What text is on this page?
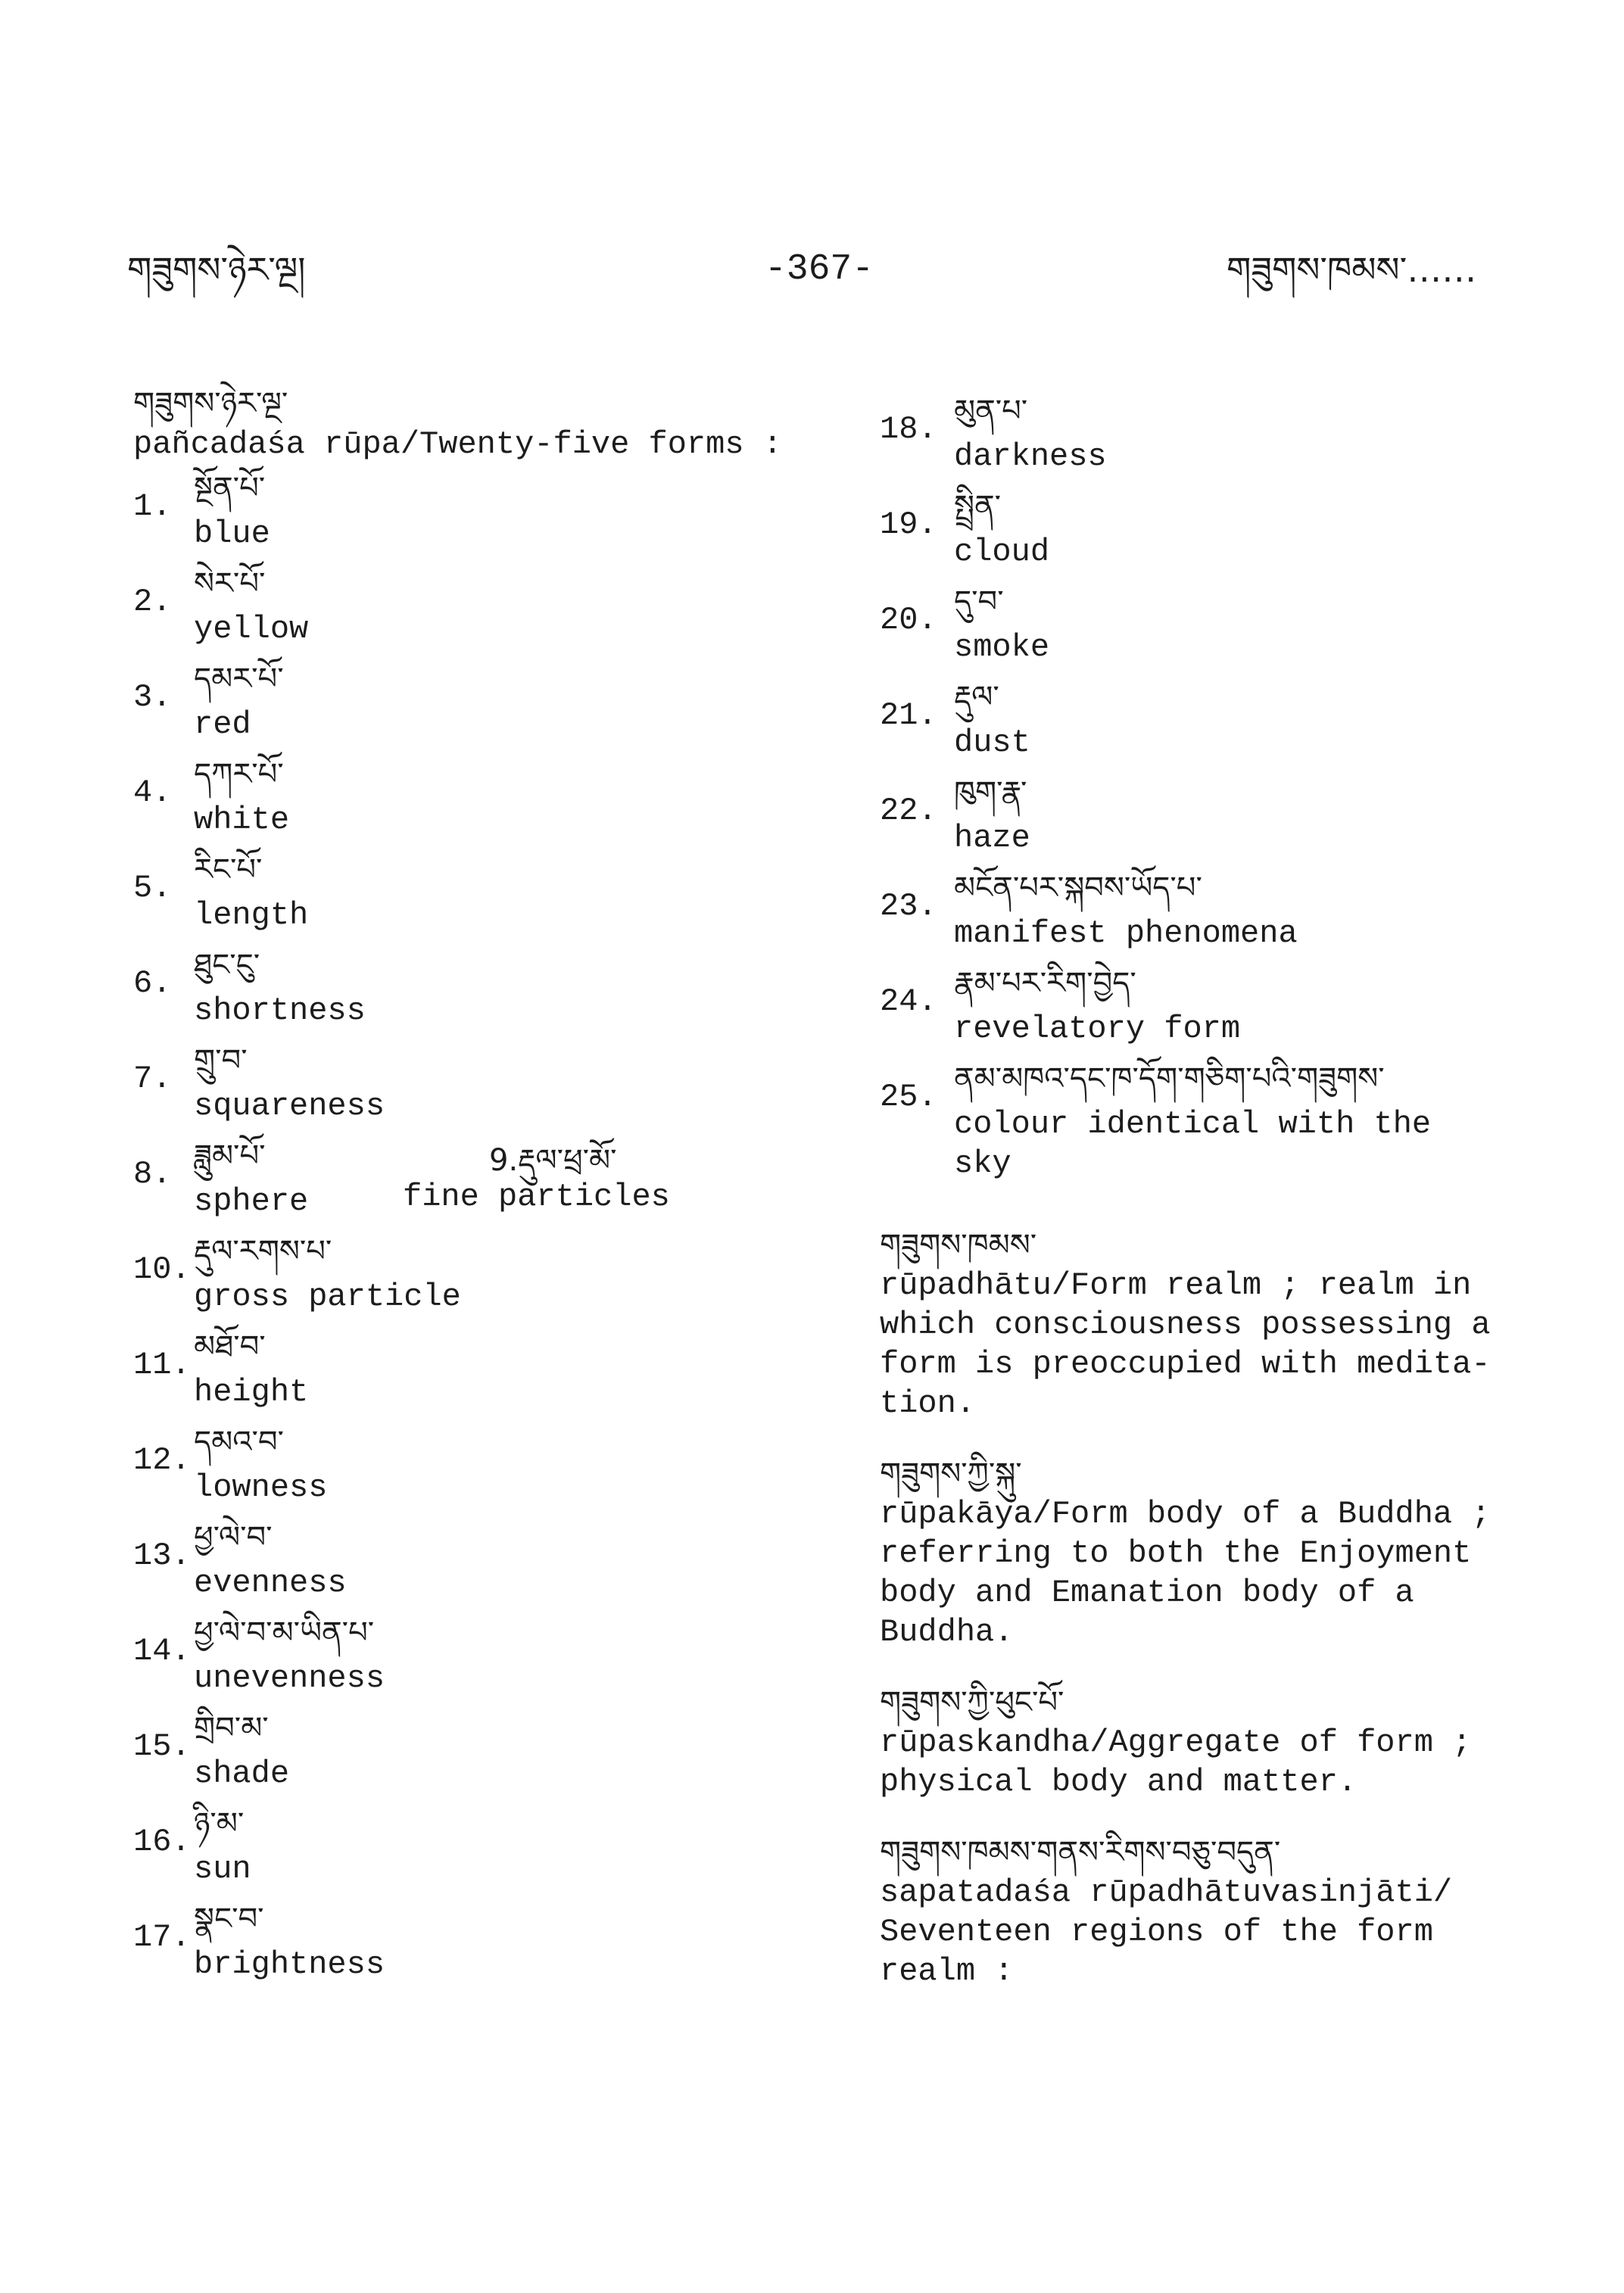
གཟུགས་ཉེར་ལྔ།	-367-	གཟུགས་ཁམས་……
གཟུགས་ཉེར་ལྔ་
pañcadaśa rūpa/Twenty-five forms :
1. སྔོན་པོ་
blue
2. སེར་པོ་
yellow
3. དམར་པོ་
red
4. དཀར་པོ་
white
5. རིང་པོ་
length
6. ཐུང་ངུ་
shortness
7. གྲུ་བ་
squareness
8. ཟླུམ་པོ་
sphere
9.རྡུལ་ཕྲ་མོ་
fine particles
10. རྡུལ་རགས་པ་
gross particle
11. མཐོ་བ་
height
12. དམའ་བ་
lowness
13. ཕྱ་ལེ་བ་
evenness
14. ཕྱ་ལེ་བ་མ་ཡིན་པ་
unevenness
15. གྲིབ་མ་
shade
16. ཉི་མ་
sun
17. སྣང་བ་
brightness
18. མུན་པ་
darkness
19. སྤྲིན་
cloud
20. དུ་བ་
smoke
21. རྡུལ་
dust
22. ཁུག་རྣ་
haze
23. མངོན་པར་སྐབས་ཡོད་པ་
manifest phenomena
24. རྣམ་པར་རིག་བྱེད་
revelatory form
25. ནམ་མཁའ་དང་ཁ་དོག་གཅིག་པའི་གཟུགས་
colour identical with the
sky
གཟུགས་ཁམས་
rūpadhātu/Form realm ; realm in
which consciousness possessing a
form is preoccupied with medita-
tion.
གཟུགས་ཀྱི་སྐུ་
rūpakāya/Form body of a Buddha ;
referring to both the Enjoyment
body and Emanation body of a
Buddha.
གཟུགས་ཀྱི་ཕུང་པོ་
rūpaskandha/Aggregate of form ;
physical body and matter.
གཟུགས་ཁམས་གནས་རིགས་བཅུ་བདུན་
sapatadaśa rūpadhātuvasinjāti/
Seventeen regions of the form
realm :
